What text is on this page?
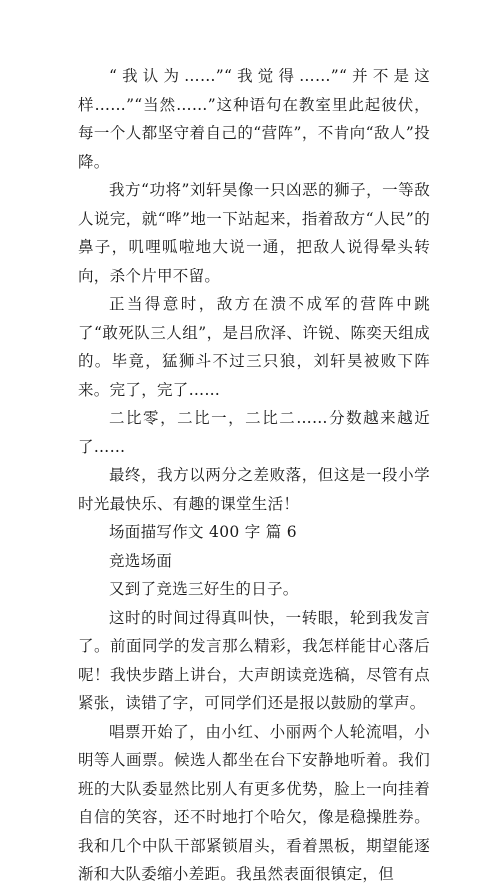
“我认为……”“我觉得……”“并不是这样……”“当然……”这种语句在教室里此起彼伏，每一个人都坚守着自己的“营阵”，不肯向“敌人”投降。

我方“功将”刘轩昊像一只凶恶的狮子，一等敌人说完，就“哗”地一下站起来，指着敌方“人民”的鼻子，叽哩呱啦地大说一通，把敌人说得晕头转向，杀个片甲不留。

正当得意时，敌方在溃不成军的营阵中跳了“敢死队三人组”，是吕欣泽、许锐、陈奕天组成的。毕竟，猛狮斗不过三只狼，刘轩昊被败下阵来。完了，完了……

二比零，二比一，二比二……分数越来越近了……

最终，我方以两分之差败落，但这是一段小学时光最快乐、有趣的课堂生活！

场面描写作文 400 字 篇 6

竞选场面

又到了竞选三好生的日子。

这时的时间过得真叫快，一转眼，轮到我发言了。前面同学的发言那么精彩，我怎样能甘心落后呢！我快步踏上讲台，大声朗读竞选稿，尽管有点紧张，读错了字，可同学们还是报以鼓励的掌声。

唱票开始了，由小红、小丽两个人轮流唱，小明等人画票。候选人都坐在台下安静地听着。我们班的大队委显然比别人有更多优势，脸上一向挂着自信的笑容，还不时地打个哈欠，像是稳操胜券。我和几个中队干部紧锁眉头，看着黑板，期望能逐渐和大队委缩小差距。我虽然表面很镇定，但
